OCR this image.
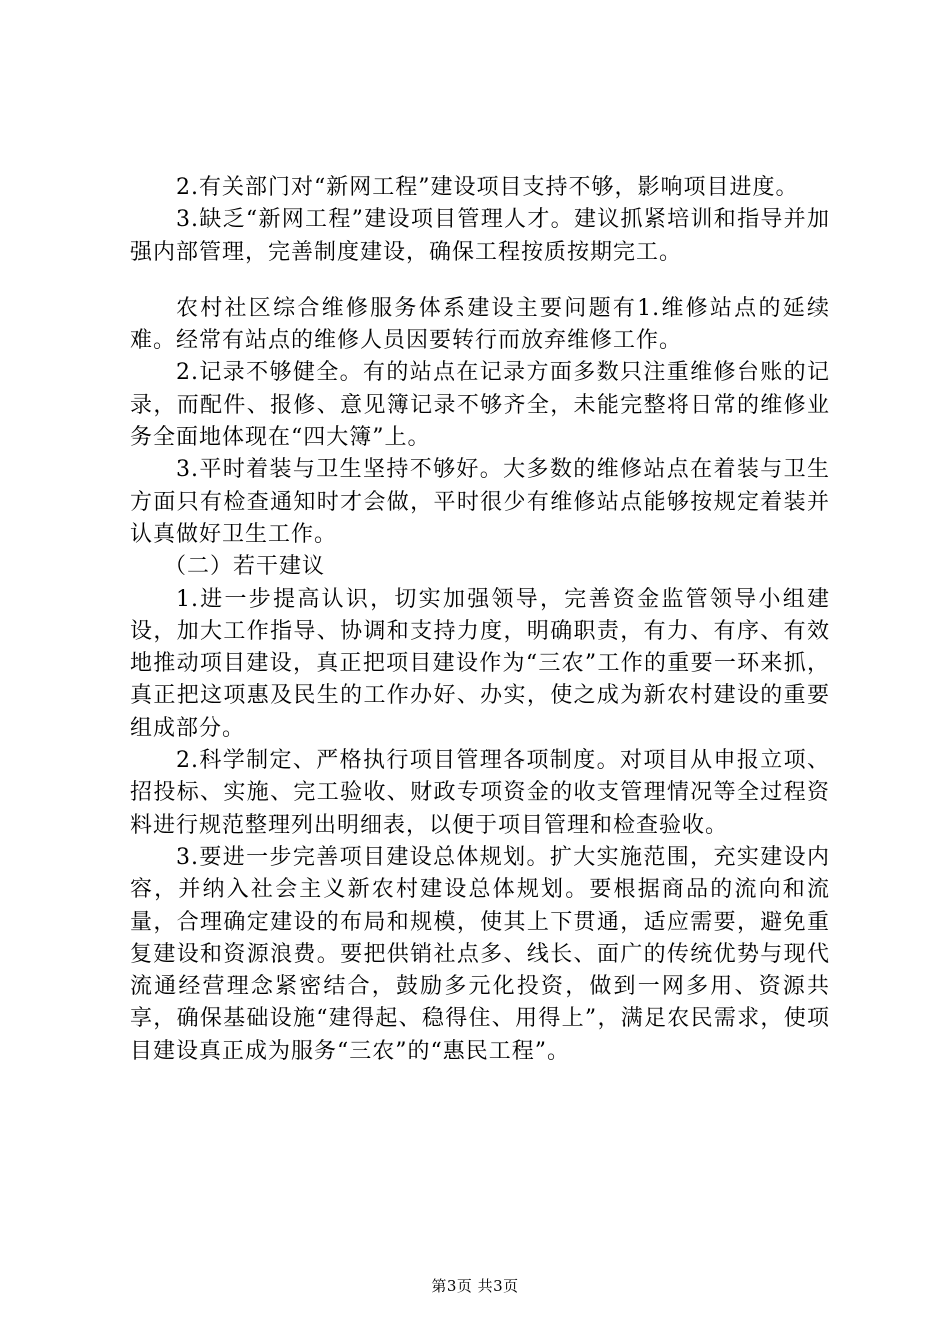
2.有关部门对“新网工程”建设项目支持不够，影响项目进度。

3.缺乏“新网工程”建设项目管理人才。建议抓紧培训和指导并加强内部管理，完善制度建设，确保工程按质按期完工。

农村社区综合维修服务体系建设主要问题有1.维修站点的延续难。经常有站点的维修人员因要转行而放弃维修工作。

2.记录不够健全。有的站点在记录方面多数只注重维修台账的记录，而配件、报修、意见簿记录不够齐全，未能完整将日常的维修业务全面地体现在“四大簿”上。

3.平时着装与卫生坚持不够好。大多数的维修站点在着装与卫生方面只有检查通知时才会做，平时很少有维修站点能够按规定着装并认真做好卫生工作。

（二）若干建议

1.进一步提高认识，切实加强领导，完善资金监管领导小组建设，加大工作指导、协调和支持力度，明确职责，有力、有序、有效地推动项目建设，真正把项目建设作为“三农”工作的重要一环来抓，真正把这项惠及民生的工作办好、办实，使之成为新农村建设的重要组成部分。

2.科学制定、严格执行项目管理各项制度。对项目从申报立项、招投标、实施、完工验收、财政专项资金的收支管理情况等全过程资料进行规范整理列出明细表，以便于项目管理和检查验收。

3.要进一步完善项目建设总体规划。扩大实施范围，充实建设内容，并纳入社会主义新农村建设总体规划。要根据商品的流向和流量，合理确定建设的布局和规模，使其上下贯通，适应需要，避免重复建设和资源浪费。要把供销社点多、线长、面广的传统优势与现代流通经营理念紧密结合，鼓励多元化投资，做到一网多用、资源共享，确保基础设施“建得起、稳得住、用得上”，满足农民需求，使项目建设真正成为服务“三农”的“惠民工程”。

第3页 共3页
